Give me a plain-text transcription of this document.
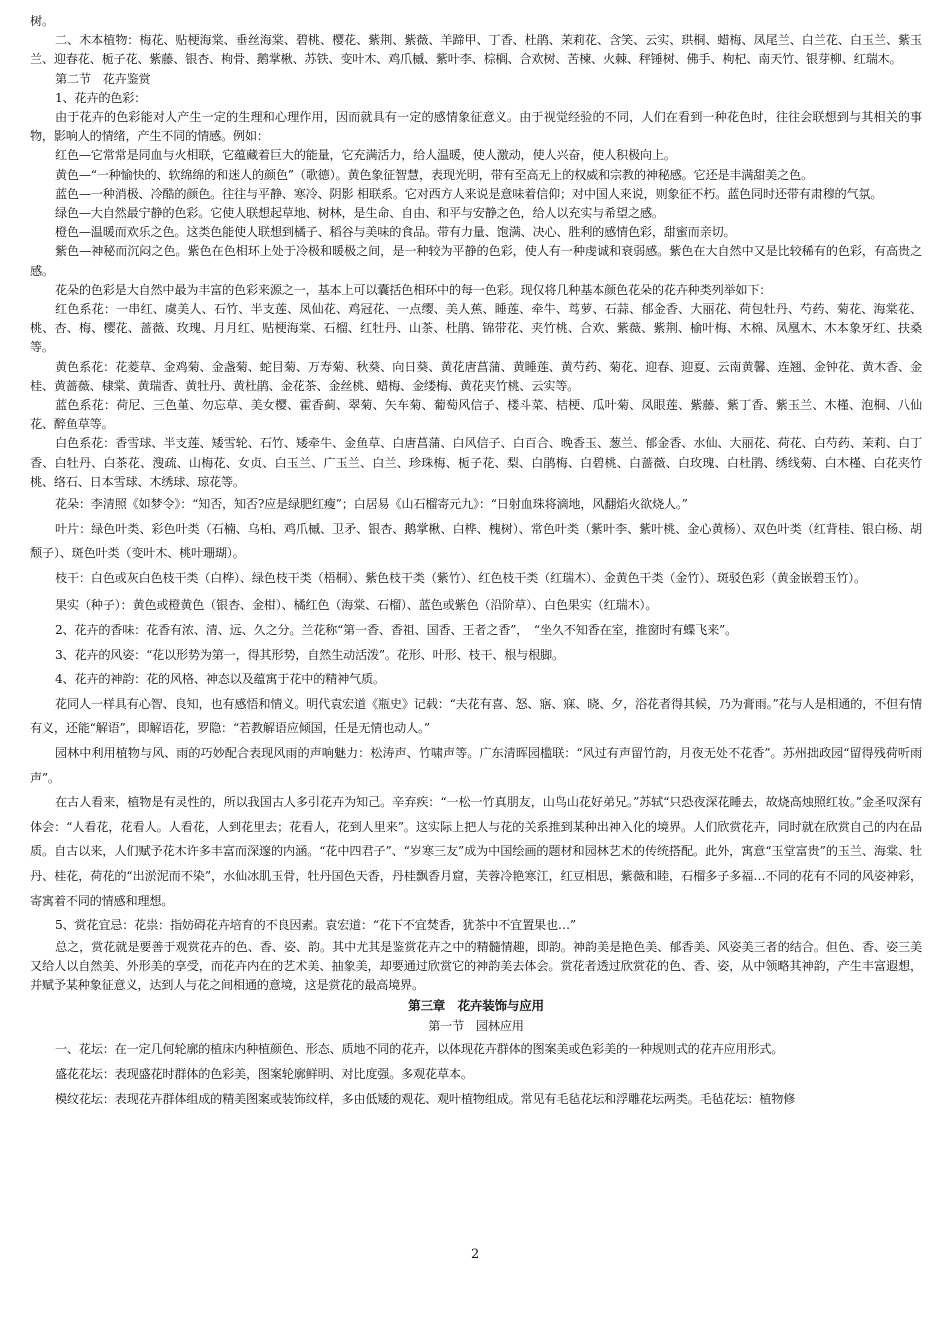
树。

二、木本植物：梅花、贴梗海棠、垂丝海棠、碧桃、樱花、紫荆、紫薇、羊蹄甲、丁香、杜鹃、茉莉花、含笑、云实、珙桐、蜡梅、凤尾兰、白兰花、白玉兰、紫玉兰、迎春花、栀子花、紫藤、银杏、枸骨、鹅掌楸、苏铁、变叶木、鸡爪槭、紫叶李、棕榈、合欢树、苦楝、火棘、秤锤树、佛手、枸杞、南天竹、银芽柳、红瑞木。

第二节　花卉鉴赏

1、花卉的色彩：

由于花卉的色彩能对人产生一定的生理和心理作用，因而就具有一定的感情象征意义。由于视觉经验的不同，人们在看到一种花色时，往往会联想到与其相关的事物，影响人的情绪，产生不同的情感。例如：

红色—它常常是同血与火相联，它蕴藏着巨大的能量，它充满活力，给人温暖，使人激动，使人兴奋，使人积极向上。

黄色—“一种愉快的、软绵绵的和迷人的颜色”（歌德）。黄色象征智慧，表现光明，带有至高无上的权威和宗教的神秘感。它还是丰满甜美之色。

蓝色—一种消极、冷酷的颜色。往往与平静、寒冷、阴影 相联系。它对西方人来说是意味着信仰；对中国人来说，则象征不朽。蓝色同时还带有肃穆的气氛。

绿色—大自然最宁静的色彩。它使人联想起草地、树林，是生命、自由、和平与安静之色，给人以充实与希望之感。

橙色—温暖而欢乐之色。这类色能使人联想到橘子、稻谷与美味的食品。带有力量、饱满、决心、胜利的感情色彩，甜蜜而亲切。

紫色—神秘而沉闷之色。紫色在色相环上处于冷极和暖极之间，是一种较为平静的色彩，使人有一种虔诚和衰弱感。紫色在大自然中又是比较稀有的色彩，有高贵之感。

花朵的色彩是大自然中最为丰富的色彩来源之一，基本上可以囊括色相环中的每一色彩。现仅将几种基本颜色花朵的花卉种类列举如下：

红色系花：一串红、虞美人、石竹、半支莲、凤仙花、鸡冠花、一点缨、美人蕉、睡莲、牵牛、茑萝、石蒜、郁金香、大丽花、荷包牡丹、芍药、菊花、海棠花、桃、杏、梅、樱花、蔷薇、玫瑰、月月红、贴梗海棠、石榴、红牡丹、山茶、杜鹃、锦带花、夹竹桃、合欢、紫薇、紫荆、榆叶梅、木棉、凤凰木、木本象牙红、扶桑等。

黄色系花：花菱草、金鸡菊、金盏菊、蛇目菊、万寿菊、秋葵、向日葵、黄花唐菖蒲、黄睡莲、黄芍药、菊花、迎春、迎夏、云南黄馨、连翘、金钟花、黄木香、金桂、黄蔷薇、棣棠、黄瑞香、黄牡丹、黄杜鹃、金花茶、金丝桃、蜡梅、金缕梅、黄花夹竹桃、云实等。

蓝色系花：荷尼、三色堇、勿忘草、美女樱、霍香蓟、翠菊、矢车菊、葡萄风信子、楼斗菜、桔梗、瓜叶菊、凤眼莲、紫藤、紫丁香、紫玉兰、木槿、泡桐、八仙花、醉鱼草等。

白色系花：香雪球、半支莲、矮雪轮、石竹、矮牵牛、金鱼草、白唐菖蒲、白风信子、白百合、晚香玉、葱兰、郁金香、水仙、大丽花、荷花、白芍药、茉莉、白丁香、白牡丹、白茶花、溲疏、山梅花、女贞、白玉兰、广玉兰、白兰、珍珠梅、栀子花、梨、白鹃梅、白碧桃、白蔷薇、白玫瑰、白杜鹃、绣线菊、白木槿、白花夹竹桃、络石、日本雪球、木绣球、琼花等。

花朵：李清照《如梦令》：“知否，知否?应是绿肥红瘦”；白居易《山石榴寄元九》：“日射血珠将滴地，风翻焰火欲烧人。”

叶片：绿色叶类、彩色叶类（石楠、乌桕、鸡爪槭、卫矛、银杏、鹅掌楸、白桦、槐树）、常色叶类（紫叶李、紫叶桃、金心黄杨）、双色叶类（红背桂、银白杨、胡颓子）、斑色叶类（变叶木、桃叶珊瑚）。

枝干：白色或灰白色枝干类（白桦）、绿色枝干类（梧桐）、紫色枝干类（紫竹）、红色枝干类（红瑞木）、金黄色干类（金竹）、斑驳色彩（黄金嵌碧玉竹）。

果实（种子）：黄色或橙黄色（银杏、金柑）、橘红色（海棠、石榴）、蓝色或紫色（沿阶草）、白色果实（红瑞木）。

2、花卉的香味：花香有浓、清、远、久之分。兰花称“第一香、香祖、国香、王者之香”，　“坐久不知香在室，推窗时有蝶飞来”。

3、花卉的风姿：“花以形势为第一，得其形势，自然生动活泼”。花形、叶形、枝干、根与根脚。

4、花卉的神韵：花的风格、神态以及蕴寓于花中的精神气质。

花同人一样具有心智、良知，也有感悟和情义。明代袁宏道《瓶史》记载：“夫花有喜、怒、寤、寐、晓、夕，浴花者得其候，乃为膏雨。”花与人是相通的，不但有情有义，还能“解语”，即解语花，罗隐：“若教解语应倾国，任是无情也动人。”

园林中利用植物与风、雨的巧妙配合表现风雨的声响魅力：松涛声、竹啸声等。广东清晖园槛联：“风过有声留竹韵，月夜无处不花香”。苏州拙政园“留得残荷听雨声”。

在古人看来，植物是有灵性的，所以我国古人多引花卉为知己。辛弃疾：“一松一竹真朋友，山鸟山花好弟兄。”苏轼“只恐夜深花睡去，故烧高烛照红妆。”金圣叹深有体会：“人看花，花看人。人看花，人到花里去；花看人，花到人里来”。这实际上把人与花的关系推到某种出神入化的境界。人们欣赏花卉，同时就在欣赏自己的内在品质。自古以来，人们赋予花木许多丰富而深邃的内涵。“花中四君子”、“岁寒三友”成为中国绘画的题材和园林艺术的传统搭配。此外，寓意“玉堂富贵”的玉兰、海棠、牡丹、桂花，荷花的“出淤泥而不染”，水仙冰肌玉骨，牡丹国色天香，丹桂飘香月窟，芙蓉冷艳寒江，红豆相思，紫薇和睦，石榴多子多福…不同的花有不同的风姿神彩，寄寓着不同的情感和理想。

5、赏花宜忌：花祟：指妨碍花卉培育的不良因素。袁宏道：“花下不宜焚香，犹茶中不宜置果也…”

总之，赏花就是要善于观赏花卉的色、香、姿、韵。其中尤其是鉴赏花卉之中的精髓情趣，即韵。神韵美是艳色美、郁香美、风姿美三者的结合。但色、香、姿三美又给人以自然美、外形美的享受，而花卉内在的艺术美、抽象美，却要通过欣赏它的神韵美去体会。赏花者透过欣赏花的色、香、姿，从中领略其神韵，产生丰富遐想，并赋予某种象征意义，达到人与花之间相通的意境，这是赏花的最高境界。

第三章　花卉装饰与应用

第一节　园林应用

一、花坛：在一定几何轮廓的植床内种植颜色、形态、质地不同的花卉，以体现花卉群体的图案美或色彩美的一种规则式的花卉应用形式。

盛花花坛：表现盛花时群体的色彩美，图案轮廓鲜明、对比度强。多观花草本。

模纹花坛：表现花卉群体组成的精美图案或装饰纹样，多由低矮的观花、观叶植物组成。常见有毛毡花坛和浮雕花坛两类。毛毡花坛：植物修

2
